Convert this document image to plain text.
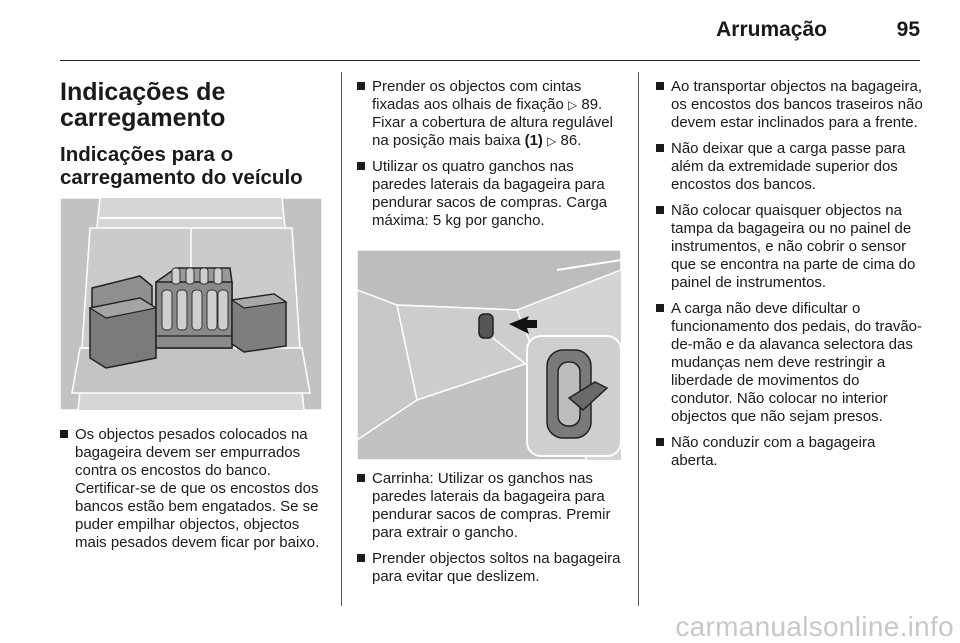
Arrumação	95
Indicações de carregamento
Indicações para o carregamento do veículo
Os objectos pesados colocados na bagageira devem ser empurrados contra os encostos do banco. Certificar-se de que os encostos dos bancos estão bem engatados. Se se puder empilhar objectos, objectos mais pesados devem ficar por baixo.
Prender os objectos com cintas fixadas aos olhais de fixação ▷ 89. Fixar a cobertura de altura regulável na posição mais baixa (1) ▷ 86.
Utilizar os quatro ganchos nas paredes laterais da bagageira para pendurar sacos de compras. Carga máxima: 5 kg por gancho.
Carrinha: Utilizar os ganchos nas paredes laterais da bagageira para pendurar sacos de compras. Premir para extrair o gancho.
Prender objectos soltos na bagageira para evitar que deslizem.
Ao transportar objectos na bagageira, os encostos dos bancos traseiros não devem estar inclinados para a frente.
Não deixar que a carga passe para além da extremidade superior dos encostos dos bancos.
Não colocar quaisquer objectos na tampa da bagageira ou no painel de instrumentos, e não cobrir o sensor que se encontra na parte de cima do painel de instrumentos.
A carga não deve dificultar o funcionamento dos pedais, do travão-de-mão e da alavanca selectora das mudanças nem deve restringir a liberdade de movimentos do condutor. Não colocar no interior objectos que não sejam presos.
Não conduzir com a bagageira aberta.
carmanualsonline.info
